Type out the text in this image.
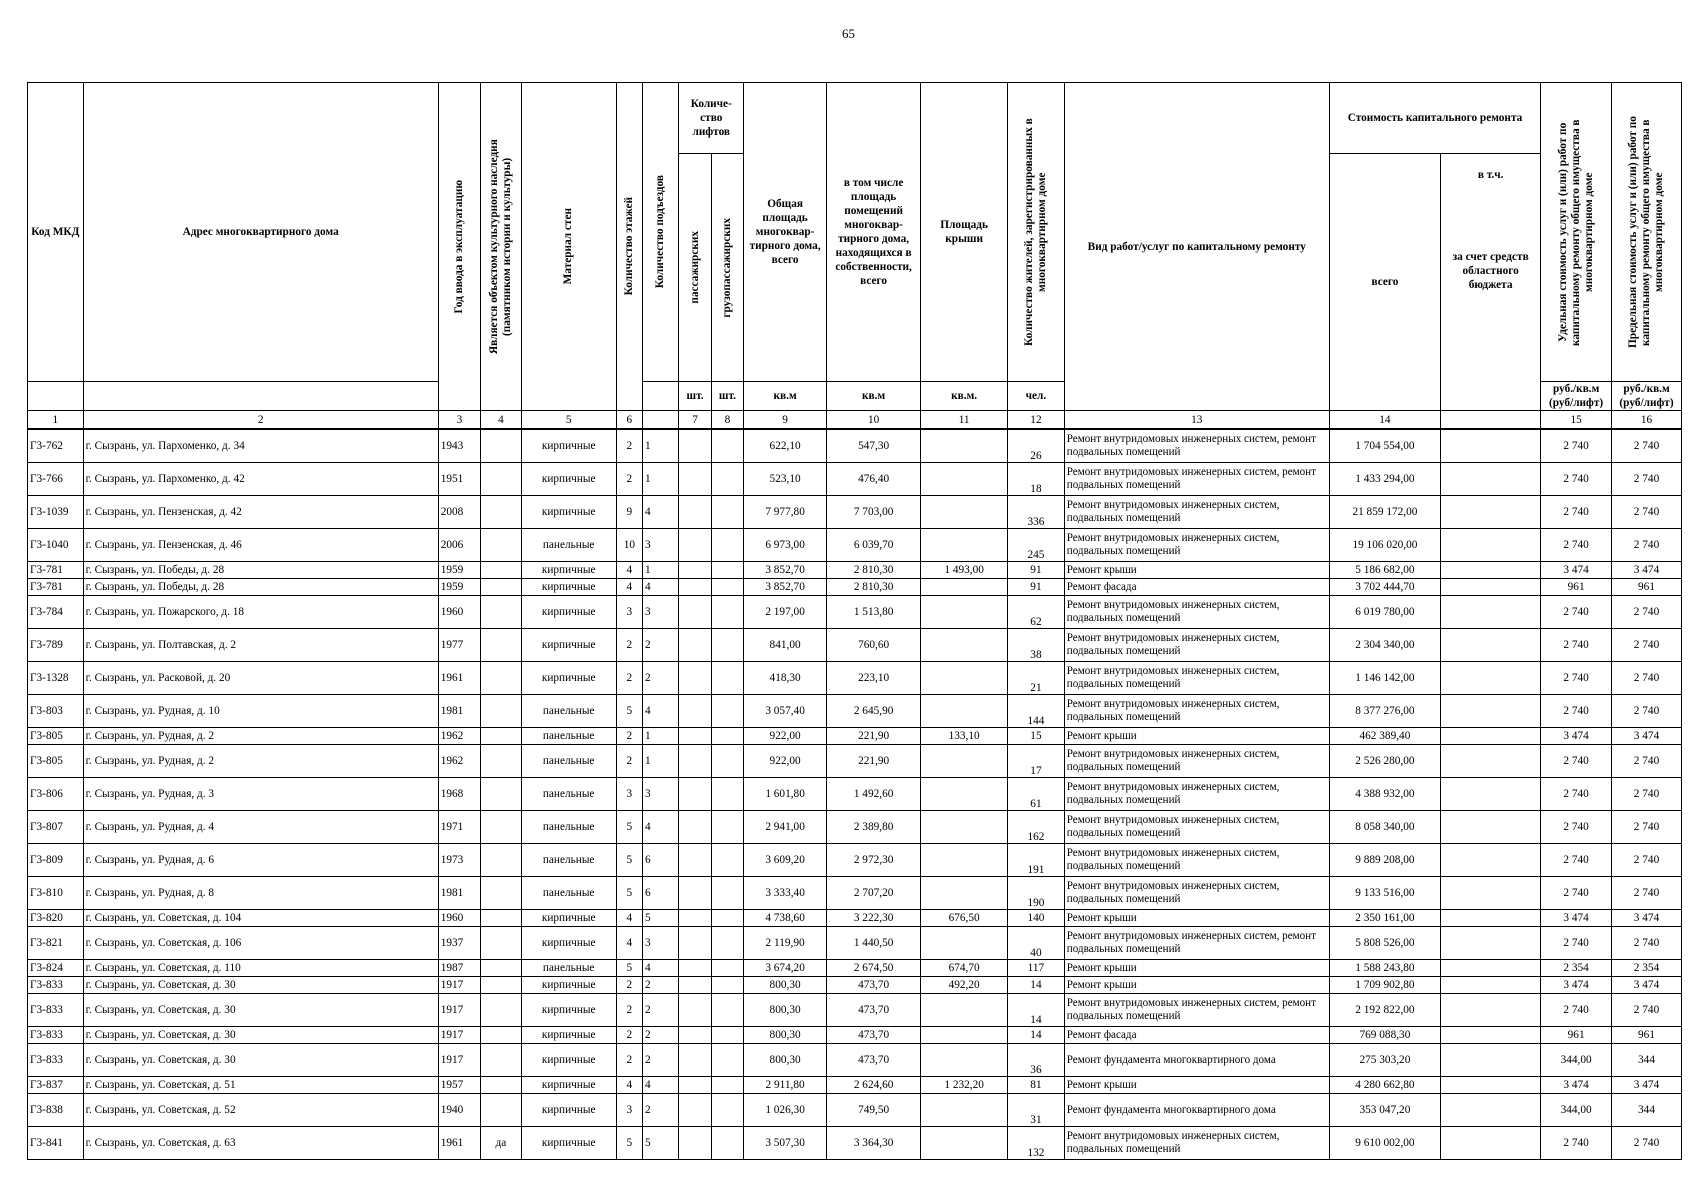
65
Код МКД	Адрес многоквартирного дома	Год ввода в эксплуатацию	Является объектом культурного наследия (памятником истории и культуры)	Материал стен	Количество этажей	Количество подъездов	Количе-ство лифтов		Общая площадь многоквар-тирного дома, всего	в том числе площадь помещений многоквар-тирного дома, находящихся в собственности, всего	Площадь крыши	Количество жителей, зарегистрированных в многоквартирном доме	Вид работ/услуг по капитальному ремонту	Стоимость капитального ремонта		Удельная стоимость услуг и (или) работ по капитальному ремонту общего имущества в многоквартирном доме	Предельная стоимость услуг и (или) работ по капитальному ремонту общего имущества в многоквартирном доме

							пассажирских	грузопассажирских						всего	в т.ч.
за счет средств областного бюджета		

							шт.	шт.	кв.м	кв.м	кв.м.	чел.				руб./кв.м (руб/лифт)	руб./кв.м (руб/лифт)
1	2	3	4	5	6		7	8	9	10	11	12	13	14		15	16
Г3-762	г. Сызрань, ул. Пархоменко, д. 34	1943		кирпичные	2	1			622,10	547,30		26	Ремонт внутридомовых инженерных систем, ремонт подвальных помещений	1 704 554,00		2 740	2 740
Г3-766	г. Сызрань, ул. Пархоменко, д. 42	1951		кирпичные	2	1			523,10	476,40		18	Ремонт внутридомовых инженерных систем, ремонт подвальных помещений	1 433 294,00		2 740	2 740
Г3-1039	г. Сызрань, ул. Пензенская, д. 42	2008		кирпичные	9	4			7 977,80	7 703,00		336	Ремонт внутридомовых инженерных систем, подвальных помещений	21 859 172,00		2 740	2 740
Г3-1040	г. Сызрань, ул. Пензенская, д. 46	2006		панельные	10	3			6 973,00	6 039,70		245	Ремонт внутридомовых инженерных систем, подвальных помещений	19 106 020,00		2 740	2 740
Г3-781	г. Сызрань, ул. Победы, д. 28	1959		кирпичные	4	1			3 852,70	2 810,30	1 493,00	91	Ремонт крыши	5 186 682,00		3 474	3 474
Г3-781	г. Сызрань, ул. Победы, д. 28	1959		кирпичные	4	4			3 852,70	2 810,30		91	Ремонт фасада	3 702 444,70		961	961
Г3-784	г. Сызрань, ул. Пожарского, д. 18	1960		кирпичные	3	3			2 197,00	1 513,80		62	Ремонт внутридомовых инженерных систем, подвальных помещений	6 019 780,00		2 740	2 740
Г3-789	г. Сызрань, ул. Полтавская, д. 2	1977		кирпичные	2	2			841,00	760,60		38	Ремонт внутридомовых инженерных систем, подвальных помещений	2 304 340,00		2 740	2 740
Г3-1328	г. Сызрань, ул. Расковой, д. 20	1961		кирпичные	2	2			418,30	223,10		21	Ремонт внутридомовых инженерных систем, подвальных помещений	1 146 142,00		2 740	2 740
Г3-803	г. Сызрань, ул. Рудная, д. 10	1981		панельные	5	4			3 057,40	2 645,90		144	Ремонт внутридомовых инженерных систем, подвальных помещений	8 377 276,00		2 740	2 740
Г3-805	г. Сызрань, ул. Рудная, д. 2	1962		панельные	2	1			922,00	221,90	133,10	15	Ремонт крыши	462 389,40		3 474	3 474
Г3-805	г. Сызрань, ул. Рудная, д. 2	1962		панельные	2	1			922,00	221,90		17	Ремонт внутридомовых инженерных систем, подвальных помещений	2 526 280,00		2 740	2 740
Г3-806	г. Сызрань, ул. Рудная, д. 3	1968		панельные	3	3			1 601,80	1 492,60		61	Ремонт внутридомовых инженерных систем, подвальных помещений	4 388 932,00		2 740	2 740
Г3-807	г. Сызрань, ул. Рудная, д. 4	1971		панельные	5	4			2 941,00	2 389,80		162	Ремонт внутридомовых инженерных систем, подвальных помещений	8 058 340,00		2 740	2 740
Г3-809	г. Сызрань, ул. Рудная, д. 6	1973		панельные	5	6			3 609,20	2 972,30		191	Ремонт внутридомовых инженерных систем, подвальных помещений	9 889 208,00		2 740	2 740
Г3-810	г. Сызрань, ул. Рудная, д. 8	1981		панельные	5	6			3 333,40	2 707,20		190	Ремонт внутридомовых инженерных систем, подвальных помещений	9 133 516,00		2 740	2 740
Г3-820	г. Сызрань, ул. Советская, д. 104	1960		кирпичные	4	5			4 738,60	3 222,30	676,50	140	Ремонт крыши	2 350 161,00		3 474	3 474
Г3-821	г. Сызрань, ул. Советская, д. 106	1937		кирпичные	4	3			2 119,90	1 440,50		40	Ремонт внутридомовых инженерных систем, ремонт подвальных помещений	5 808 526,00		2 740	2 740
Г3-824	г. Сызрань, ул. Советская, д. 110	1987		панельные	5	4			3 674,20	2 674,50	674,70	117	Ремонт крыши	1 588 243,80		2 354	2 354
Г3-833	г. Сызрань, ул. Советская, д. 30	1917		кирпичные	2	2			800,30	473,70	492,20	14	Ремонт крыши	1 709 902,80		3 474	3 474
Г3-833	г. Сызрань, ул. Советская, д. 30	1917		кирпичные	2	2			800,30	473,70		14	Ремонт внутридомовых инженерных систем, ремонт подвальных помещений	2 192 822,00		2 740	2 740
Г3-833	г. Сызрань, ул. Советская, д. 30	1917		кирпичные	2	2			800,30	473,70		14	Ремонт фасада	769 088,30		961	961
Г3-833	г. Сызрань, ул. Советская, д. 30	1917		кирпичные	2	2			800,30	473,70		36	Ремонт фундамента многоквартирного дома	275 303,20		344,00	344
Г3-837	г. Сызрань, ул. Советская, д. 51	1957		кирпичные	4	4			2 911,80	2 624,60	1 232,20	81	Ремонт крыши	4 280 662,80		3 474	3 474
Г3-838	г. Сызрань, ул. Советская, д. 52	1940		кирпичные	3	2			1 026,30	749,50		31	Ремонт фундамента многоквартирного дома	353 047,20		344,00	344
Г3-841	г. Сызрань, ул. Советская, д. 63	1961	да	кирпичные	5	5			3 507,30	3 364,30		132	Ремонт внутридомовых инженерных систем, подвальных помещений	9 610 002,00		2 740	2 740
